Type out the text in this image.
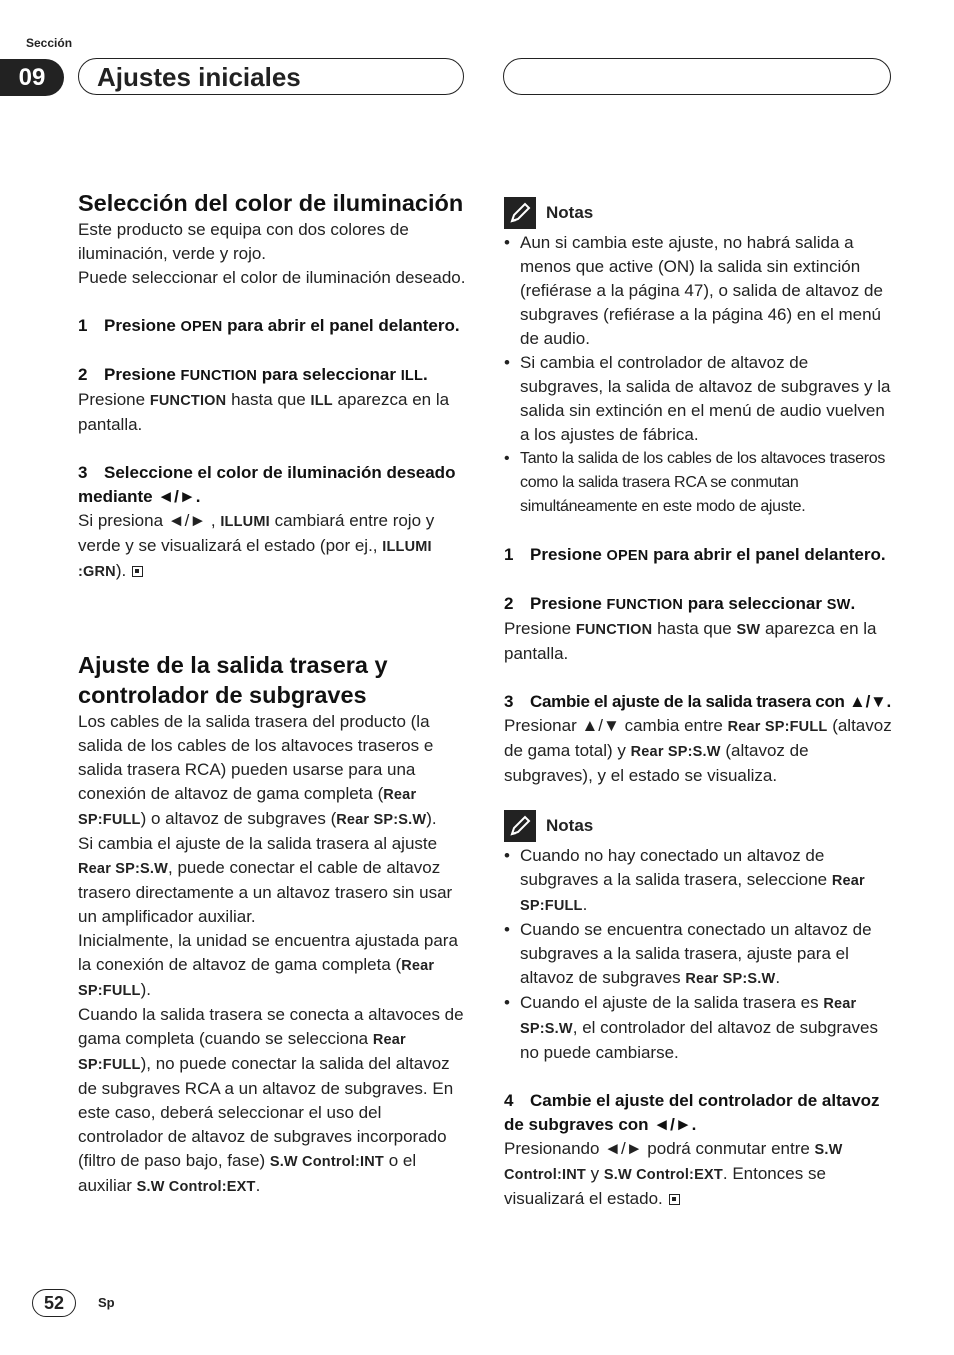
Sección
09	Ajustes iniciales
Selección del color de iluminación

Este producto se equipa con dos colores de iluminación, verde y rojo.

Puede seleccionar el color de iluminación deseado.

1 Presione OPEN para abrir el panel delantero.

2 Presione FUNCTION para seleccionar ILL.

Presione FUNCTION hasta que ILL aparezca en la pantalla.

3 Seleccione el color de iluminación deseado mediante ◄/►.

Si presiona ◄/► , ILLUMI cambiará entre rojo y verde y se visualizará el estado (por ej., ILLUMI :GRN).

Ajuste de la salida trasera y controlador de subgraves

Los cables de la salida trasera del producto (la salida de los cables de los altavoces traseros e salida trasera RCA) pueden usarse para una conexión de altavoz de gama completa (Rear SP:FULL) o altavoz de subgraves (Rear SP:S.W).

Si cambia el ajuste de la salida trasera al ajuste Rear SP:S.W, puede conectar el cable de altavoz trasero directamente a un altavoz trasero sin usar un amplificador auxiliar.

Inicialmente, la unidad se encuentra ajustada para la conexión de altavoz de gama completa (Rear SP:FULL).

Cuando la salida trasera se conecta a altavoces de gama completa (cuando se selecciona Rear SP:FULL), no puede conectar la salida del altavoz de subgraves RCA a un altavoz de subgraves. En este caso, deberá seleccionar el uso del controlador de altavoz de subgraves incorporado (filtro de paso bajo, fase) S.W Control:INT o el auxiliar S.W Control:EXT.

Notas
• Aun si cambia este ajuste, no habrá salida a menos que active (ON) la salida sin extinción (refiérase a la página 47), o salida de altavoz de subgraves (refiérase a la página 46) en el menú de audio.
• Si cambia el controlador de altavoz de subgraves, la salida de altavoz de subgraves y la salida sin extinción en el menú de audio vuelven a los ajustes de fábrica.
• Tanto la salida de los cables de los altavoces traseros como la salida trasera RCA se conmutan simultáneamente en este modo de ajuste.

1 Presione OPEN para abrir el panel delantero.

2 Presione FUNCTION para seleccionar SW.

Presione FUNCTION hasta que SW aparezca en la pantalla.

3 Cambie el ajuste de la salida trasera con ▲/▼.

Presionar ▲/▼ cambia entre Rear SP:FULL (altavoz de gama total) y Rear SP:S.W (altavoz de subgraves), y el estado se visualiza.

Notas
• Cuando no hay conectado un altavoz de subgraves a la salida trasera, seleccione Rear SP:FULL.
• Cuando se encuentra conectado un altavoz de subgraves a la salida trasera, ajuste para el altavoz de subgraves Rear SP:S.W.
• Cuando el ajuste de la salida trasera es Rear SP:S.W, el controlador del altavoz de subgraves no puede cambiarse.

4 Cambie el ajuste del controlador de altavoz de subgraves con ◄/►.

Presionando ◄/► podrá conmutar entre S.W Control:INT y S.W Control:EXT. Entonces se visualizará el estado.

52	Sp
